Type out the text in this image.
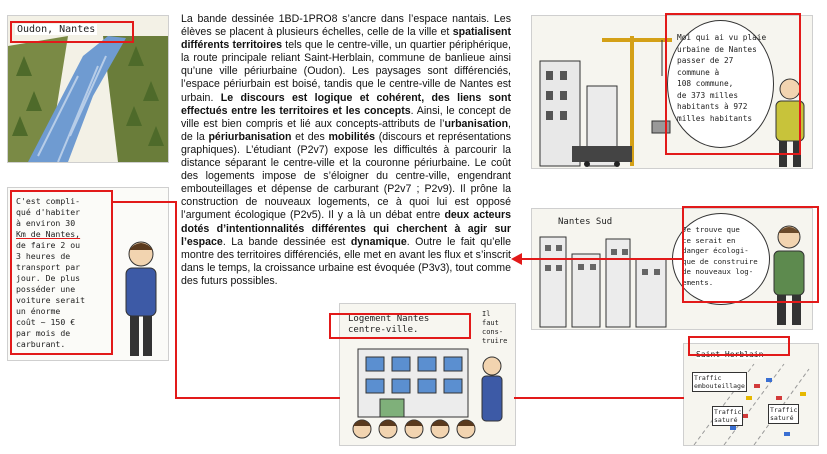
La bande dessinée 1BD-1PRO8 s’ancre dans l’espace nantais. Les élèves se placent à plusieurs échelles, celle de la ville et spatialisent différents territoires tels que le centre-ville, un quartier périphérique, la route principale reliant Saint-Herblain, commune de banlieue ainsi qu’une ville périurbaine (Oudon). Les paysages sont différenciés, l’espace périurbain est boisé, tandis que le centre-ville de Nantes est urbain. Le discours est logique et cohérent, des liens sont effectués entre les territoires et les concepts. Ainsi, le concept de ville est bien compris et lié aux concepts-attributs de l’urbanisation, de la périurbanisation et des mobilités (discours et représentations graphiques). L’étudiant (P2v7) expose les difficultés à parcourir la distance séparant le centre-ville et la couronne périurbaine. Le coût des logements impose de s’éloigner du centre-ville, engendrant embouteillages et dépense de carburant (P2v7 ; P2v9). Il prône la construction de nouveaux logements, ce à quoi lui est opposé l’argument écologique (P2v5). Il y a là un débat entre deux acteurs dotés d’intentionnalités différentes qui cherchent à agir sur l’espace. La bande dessinée est dynamique. Outre le fait qu’elle montre des territoires différenciés, elle met en avant les flux et s’inscrit dans le temps, la croissance urbaine est évoquée (P3v3), tout comme des futurs possibles.
Oudon, Nantes
C'est compli-
qué d'habiter
à environ 30
Km de Nantes,
de faire 2 ou
3 heures de
transport par
jour. De plus
posséder une
voiture serait
un énorme
coût ~ 150 €
par mois de
carburant.
Moi qui ai vu plaie
urbaine de Nantes
passer de 27
commune à
108 commune,
de 373 milles
habitants à 972
milles habitants
Nantes Sud
Je trouve que
ce serait en
danger écologi-
que de construire
de nouveaux log-
ements.
Logement Nantes
centre-ville.
Il
faut
cons-
truire
Saint-Herblain
Traffic
embouteillage
Traffic
saturé
Traffic
saturé
